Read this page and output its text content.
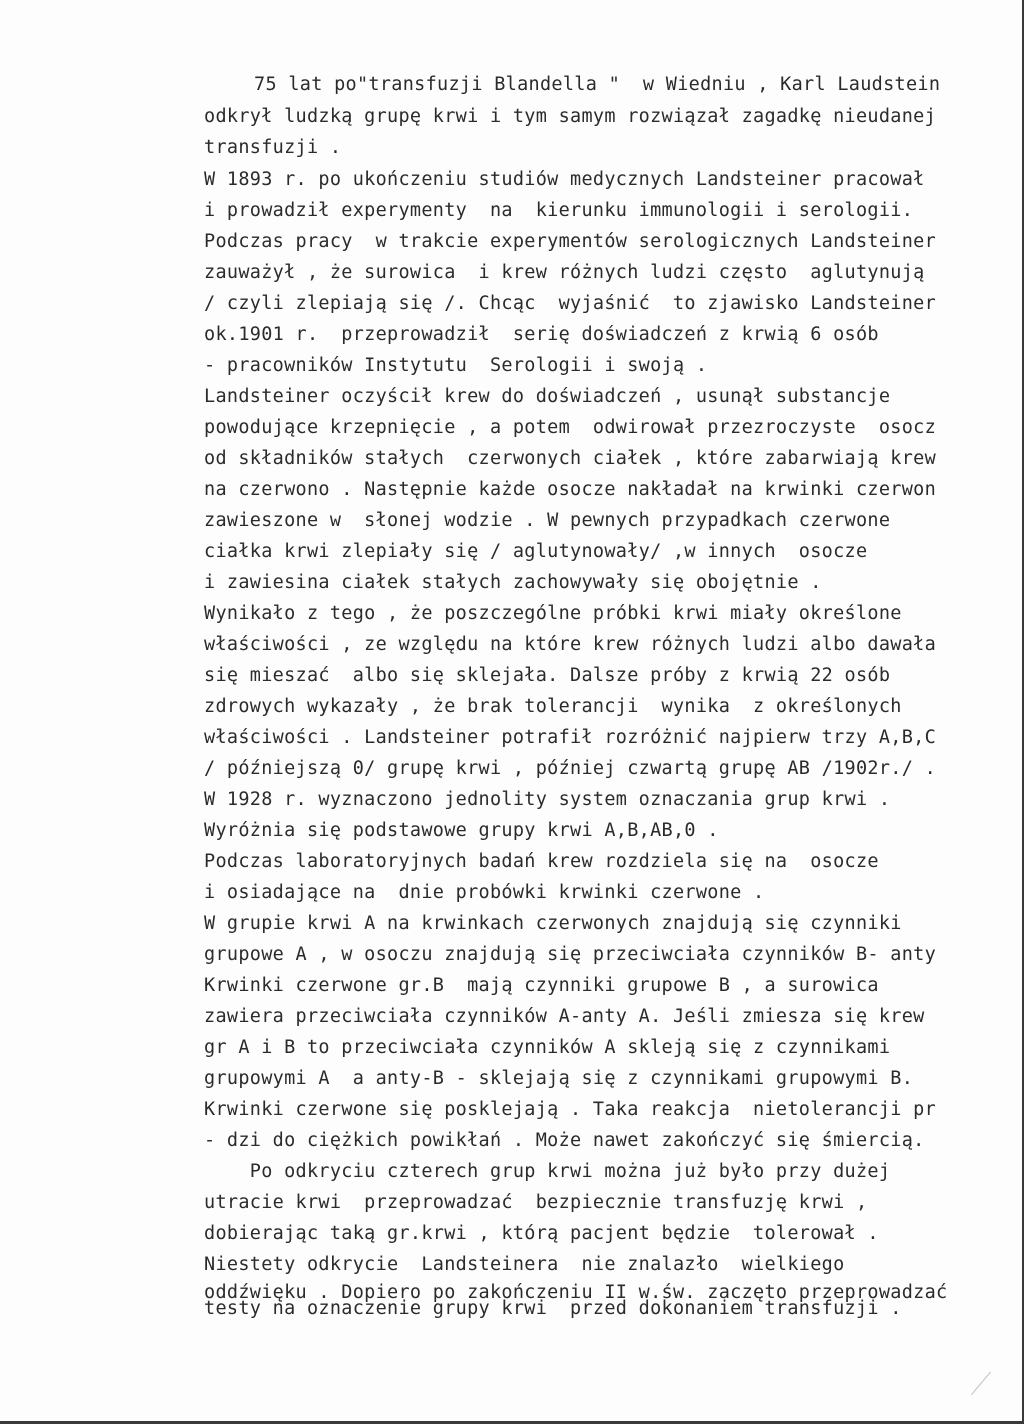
75 lat po"transfuzji Blandella "  w Wiedniu , Karl Laudstein
odkrył ludzką grupę krwi i tym samym rozwiązał zagadkę nieudanej
transfuzji .
W 1893 r. po ukończeniu studiów medycznych Landsteiner pracował
i prowadził experymenty  na  kierunku immunologii i serologii.
Podczas pracy  w trakcie experymentów serologicznych Landsteiner
zauważył , że surowica  i krew różnych ludzi często  aglutynują
/ czyli zlepiają się /. Chcąc  wyjaśnić  to zjawisko Landsteiner
ok.1901 r.  przeprowadził  serię doświadczeń z krwią 6 osób
- pracowników Instytutu  Serologii i swoją .
Landsteiner oczyścił krew do doświadczeń , usunął substancje
powodujące krzepnięcie , a potem  odwirował przezroczyste  osocz
od składników stałych  czerwonych ciałek , które zabarwiają krew
na czerwono . Następnie każde osocze nakładał na krwinki czerwon
zawieszone w  słonej wodzie . W pewnych przypadkach czerwone
ciałka krwi zlepiały się / aglutynowały/ ,w innych  osocze
i zawiesina ciałek stałych zachowywały się obojętnie .
Wynikało z tego , że poszczególne próbki krwi miały określone
właściwości , ze względu na które krew różnych ludzi albo dawała
się mieszać  albo się sklejała. Dalsze próby z krwią 22 osób
zdrowych wykazały , że brak tolerancji  wynika  z określonych
właściwości . Landsteiner potrafił rozróżnić najpierw trzy A,B,C
/ późniejszą 0/ grupę krwi , później czwartą grupę AB /1902r./ .
W 1928 r. wyznaczono jednolity system oznaczania grup krwi .
Wyróżnia się podstawowe grupy krwi A,B,AB,0 .
Podczas laboratoryjnych badań krew rozdziela się na  osocze
i osiadające na  dnie probówki krwinki czerwone .
W grupie krwi A na krwinkach czerwonych znajdują się czynniki
grupowe A , w osoczu znajdują się przeciwciała czynników B- anty
Krwinki czerwone gr.B  mają czynniki grupowe B , a surowica
zawiera przeciwciała czynników A-anty A. Jeśli zmiesza się krew
gr A i B to przeciwciała czynników A skleją się z czynnikami
grupowymi A  a anty-B - sklejają się z czynnikami grupowymi B.
Krwinki czerwone się posklejają . Taka reakcja  nietolerancji pr
- dzi do ciężkich powikłań . Może nawet zakończyć się śmiercią.
Po odkryciu czterech grup krwi można już było przy dużej
utracie krwi  przeprowadzać  bezpiecznie transfuzję krwi ,
dobierając taką gr.krwi , którą pacjent będzie  tolerował .
Niestety odkrycie  Landsteinera  nie znalazło  wielkiego
oddźwięku . Dopiero po zakończeniu II w.św. zaczęto przeprowadzać
testy na oznaczenie grupy krwi  przed dokonaniem transfuzji .
